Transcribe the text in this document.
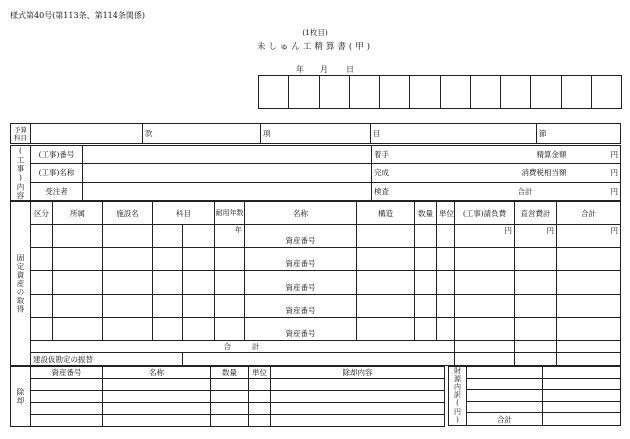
様式第40号(第113条、第114条関係)
(1枚目)
未しゅん工精算書(甲)
年 月 日

予算科目		款	項	目	節
(工事)内容	(工事)番号		着手	精算金額	円
	(工事)名称		完成	消費税相当額	円
	受注者		検査	合計	円
固定資産の取得	区分	所属	施設名	科目		耐用年数	名称	構造	数量	単位	(工事)請負費	直営費計	合計
						年	資産番号				円	円	円
							資産番号						
							資産番号						
							資産番号						
							資産番号						
	合　　計												
	建設仮勘定の振替												
除却	資産番号	名称	数量	単位	除却内容

					財源内訳(円)		

	合計	
